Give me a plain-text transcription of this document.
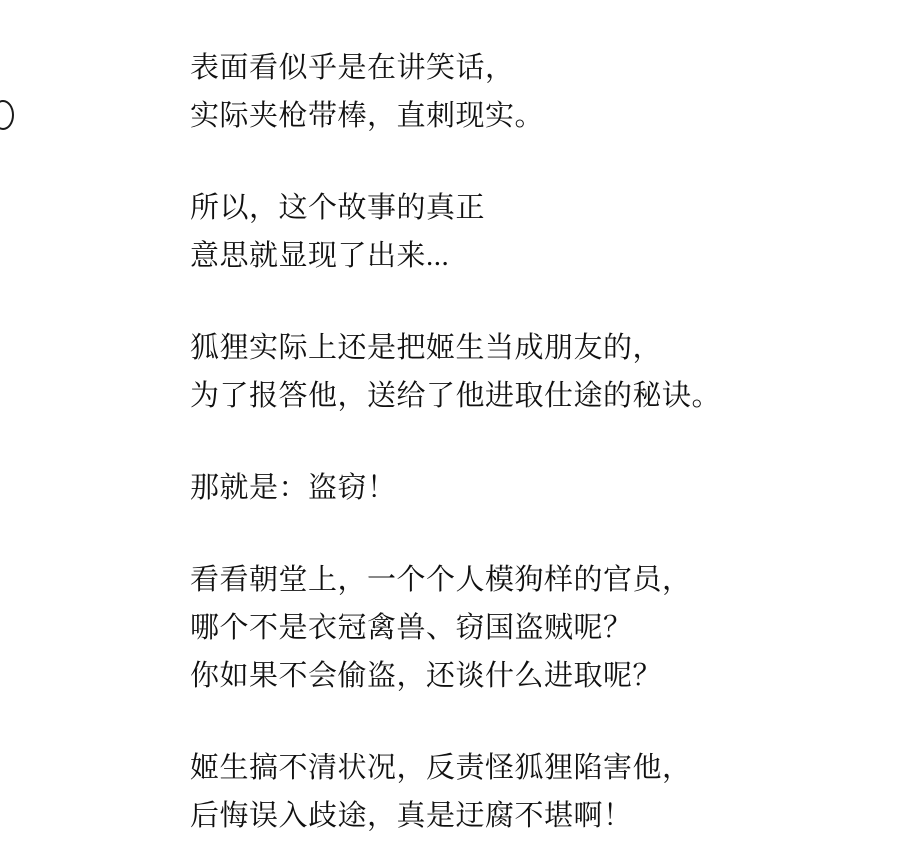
表面看似乎是在讲笑话，
实际夹枪带棒，直刺现实。
所以，这个故事的真正
意思就显现了出来...
狐狸实际上还是把姬生当成朋友的，
为了报答他，送给了他进取仕途的秘诀。
那就是：盗窃！
看看朝堂上，一个个人模狗样的官员，
哪个不是衣冠禽兽、窃国盗贼呢？
你如果不会偷盗，还谈什么进取呢？
姬生搞不清状况，反责怪狐狸陷害他，
后悔误入歧途，真是迂腐不堪啊！
